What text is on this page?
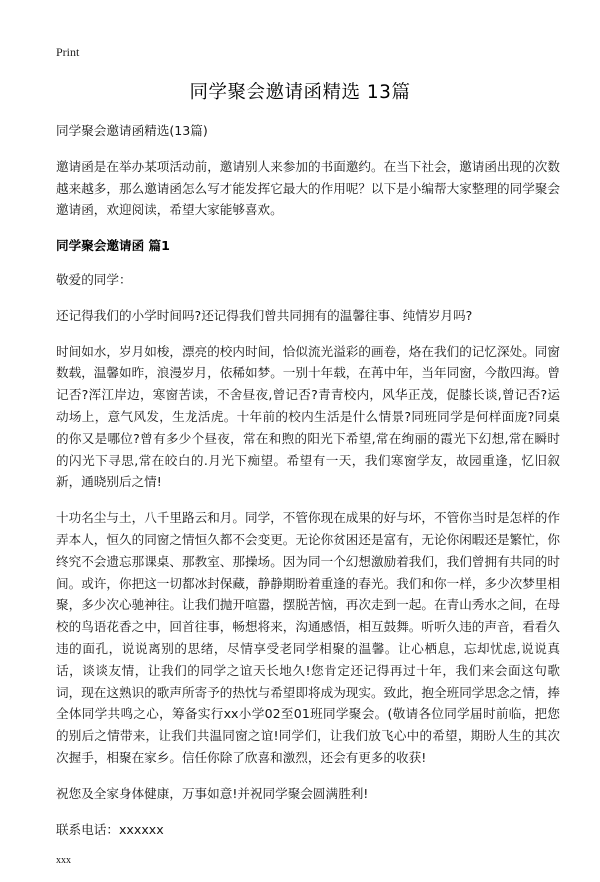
Print
同学聚会邀请函精选 13篇

同学聚会邀请函精选(13篇)

邀请函是在举办某项活动前，邀请别人来参加的书面邀约。在当下社会，邀请函出现的次数越来越多，那么邀请函怎么写才能发挥它最大的作用呢？以下是小编帮大家整理的同学聚会邀请函，欢迎阅读，希望大家能够喜欢。

同学聚会邀请函 篇1

敬爱的同学：

还记得我们的小学时间吗?还记得我们曾共同拥有的温馨往事、纯情岁月吗?

时间如水，岁月如梭，漂亮的校内时间，恰似流光溢彩的画卷，烙在我们的记忆深处。同窗数载，温馨如昨，浪漫岁月，依稀如梦。一别十年载，在苒中年，当年同窗，今散四海。曾记否?浑江岸边，寒窗苦读，不舍昼夜,曾记否?青青校内，风华正茂，促膝长谈,曾记否?运动场上，意气风发，生龙活虎。十年前的校内生活是什么情景?同班同学是何样面庞?同桌的你又是哪位?曾有多少个昼夜，常在和煦的阳光下希望,常在绚丽的霞光下幻想,常在瞬时的闪光下寻思,常在皎白的.月光下痴望。希望有一天，我们寒窗学友，故园重逢，忆旧叙新，通晓别后之情!

十功名尘与土，八千里路云和月。同学，不管你现在成果的好与坏，不管你当时是怎样的作弄本人，恒久的同窗之情恒久都不会变更。无论你贫困还是富有，无论你闲暇还是繁忙，你终究不会遗忘那课桌、那教室、那操场。因为同一个幻想激励着我们，我们曾拥有共同的时间。或许，你把这一切都冰封保藏，静静期盼着重逢的春光。我们和你一样，多少次梦里相聚，多少次心驰神往。让我们抛开喧嚣，摆脱苦恼，再次走到一起。在青山秀水之间，在母校的鸟语花香之中，回首往事，畅想将来，沟通感悟，相互鼓舞。听听久违的声音，看看久违的面孔，说说离别的思绪，尽情享受老同学相聚的温馨。让心栖息，忘却忧虑,说说真话，谈谈友情，让我们的同学之谊天长地久!您肯定还记得再过十年，我们来会面这句歌词，现在这熟识的歌声所寄予的热忱与希望即将成为现实。致此，抱全班同学思念之情，捧全体同学共鸣之心，筹备实行xx小学02至01班同学聚会。(敬请各位同学届时前临，把您的别后之情带来，让我们共温同窗之谊!同学们，让我们放飞心中的希望，期盼人生的其次次握手，相聚在家乡。信任你除了欣喜和激烈，还会有更多的收获!

祝您及全家身体健康，万事如意!并祝同学聚会圆满胜利!

联系电话：xxxxxx

xxx
